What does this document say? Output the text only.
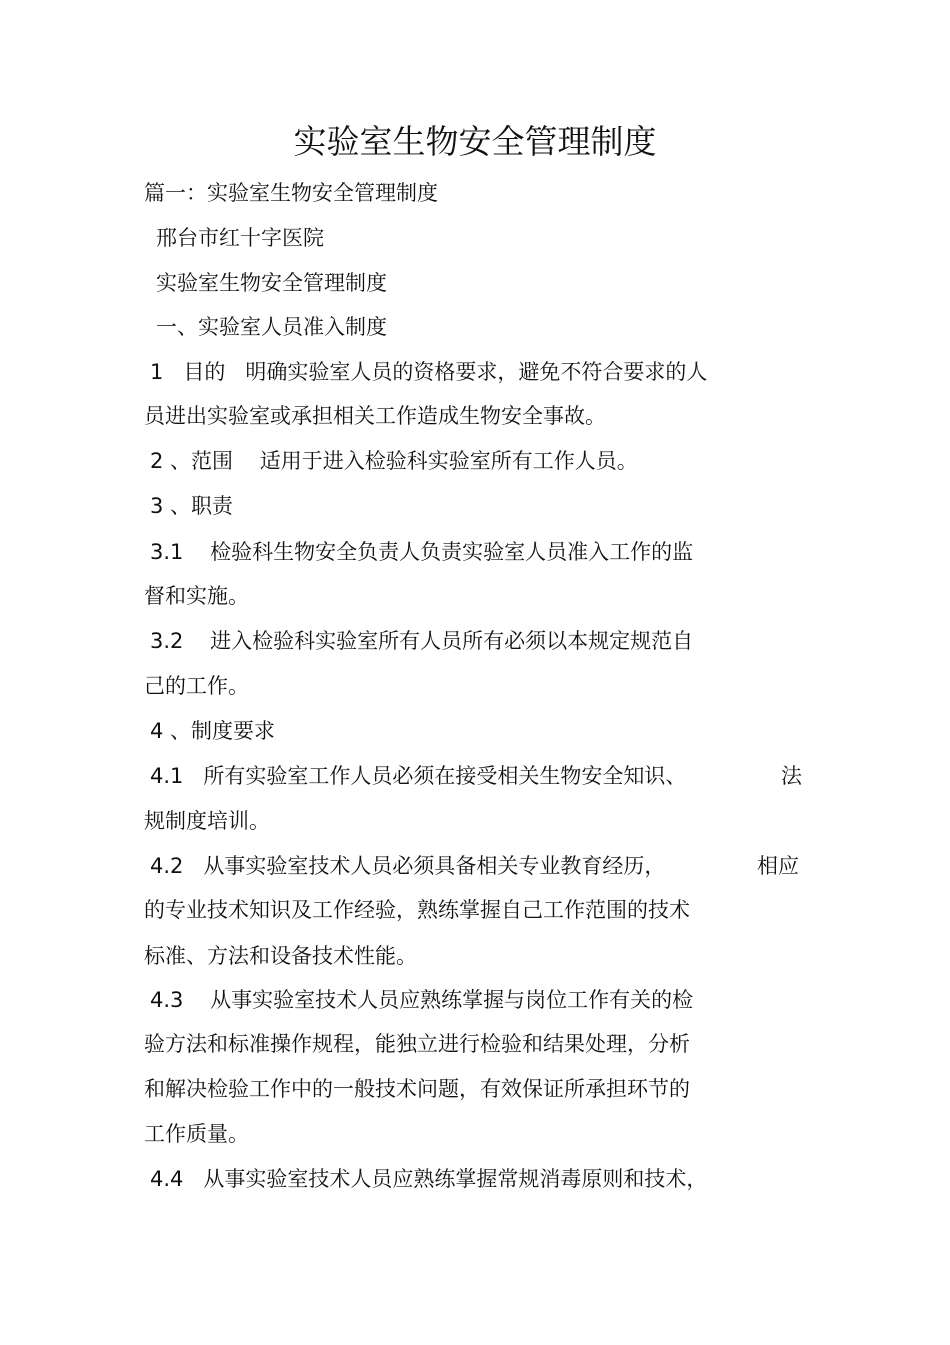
实验室生物安全管理制度
篇一：实验室生物安全管理制度
邢台市红十字医院
实验室生物安全管理制度
一、实验室人员准入制度
1   目的   明确实验室人员的资格要求，避免不符合要求的人
员进出实验室或承担相关工作造成生物安全事故。
2 、范围    适用于进入检验科实验室所有工作人员。
3 、职责
3.1    检验科生物安全负责人负责实验室人员准入工作的监
督和实施。
3.2    进入检验科实验室所有人员所有必须以本规定规范自
己的工作。
4 、制度要求
4.1   所有实验室工作人员必须在接受相关生物安全知识、	法
规制度培训。
4.2   从事实验室技术人员必须具备相关专业教育经历，	相应
的专业技术知识及工作经验，熟练掌握自己工作范围的技术
标准、方法和设备技术性能。
4.3    从事实验室技术人员应熟练掌握与岗位工作有关的检
验方法和标准操作规程，能独立进行检验和结果处理，分析
和解决检验工作中的一般技术问题，有效保证所承担环节的
工作质量。
4.4   从事实验室技术人员应熟练掌握常规消毒原则和技术，
